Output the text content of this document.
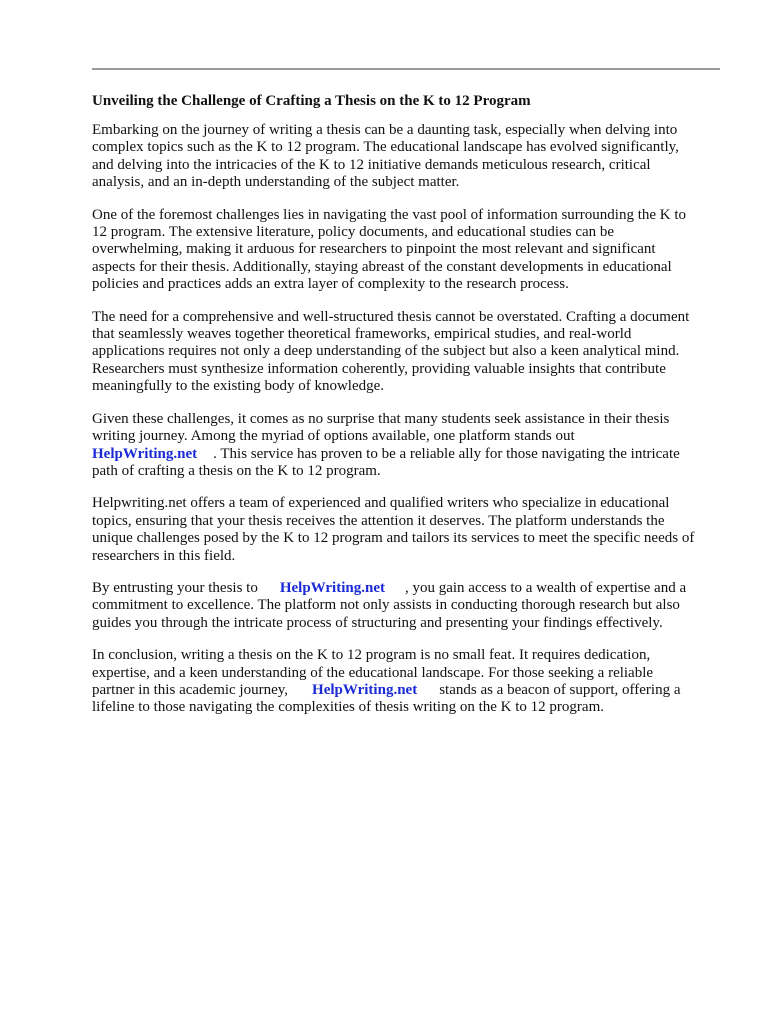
Unveiling the Challenge of Crafting a Thesis on the K to 12 Program

Embarking on the journey of writing a thesis can be a daunting task, especially when delving into
complex topics such as the K to 12 program. The educational landscape has evolved significantly,
and delving into the intricacies of the K to 12 initiative demands meticulous research, critical
analysis, and an in-depth understanding of the subject matter.

One of the foremost challenges lies in navigating the vast pool of information surrounding the K to
12 program. The extensive literature, policy documents, and educational studies can be
overwhelming, making it arduous for researchers to pinpoint the most relevant and significant
aspects for their thesis. Additionally, staying abreast of the constant developments in educational
policies and practices adds an extra layer of complexity to the research process.

The need for a comprehensive and well-structured thesis cannot be overstated. Crafting a document
that seamlessly weaves together theoretical frameworks, empirical studies, and real-world
applications requires not only a deep understanding of the subject but also a keen analytical mind.
Researchers must synthesize information coherently, providing valuable insights that contribute
meaningfully to the existing body of knowledge.

Given these challenges, it comes as no surprise that many students seek assistance in their thesis
writing journey. Among the myriad of options available, one platform stands out
HelpWriting.net . This service has proven to be a reliable ally for those navigating the intricate
path of crafting a thesis on the K to 12 program.

Helpwriting.net offers a team of experienced and qualified writers who specialize in educational
topics, ensuring that your thesis receives the attention it deserves. The platform understands the
unique challenges posed by the K to 12 program and tailors its services to meet the specific needs of
researchers in this field.

By entrusting your thesis to HelpWriting.net , you gain access to a wealth of expertise and a
commitment to excellence. The platform not only assists in conducting thorough research but also
guides you through the intricate process of structuring and presenting your findings effectively.

In conclusion, writing a thesis on the K to 12 program is no small feat. It requires dedication,
expertise, and a keen understanding of the educational landscape. For those seeking a reliable
partner in this academic journey, HelpWriting.net stands as a beacon of support, offering a
lifeline to those navigating the complexities of thesis writing on the K to 12 program.
